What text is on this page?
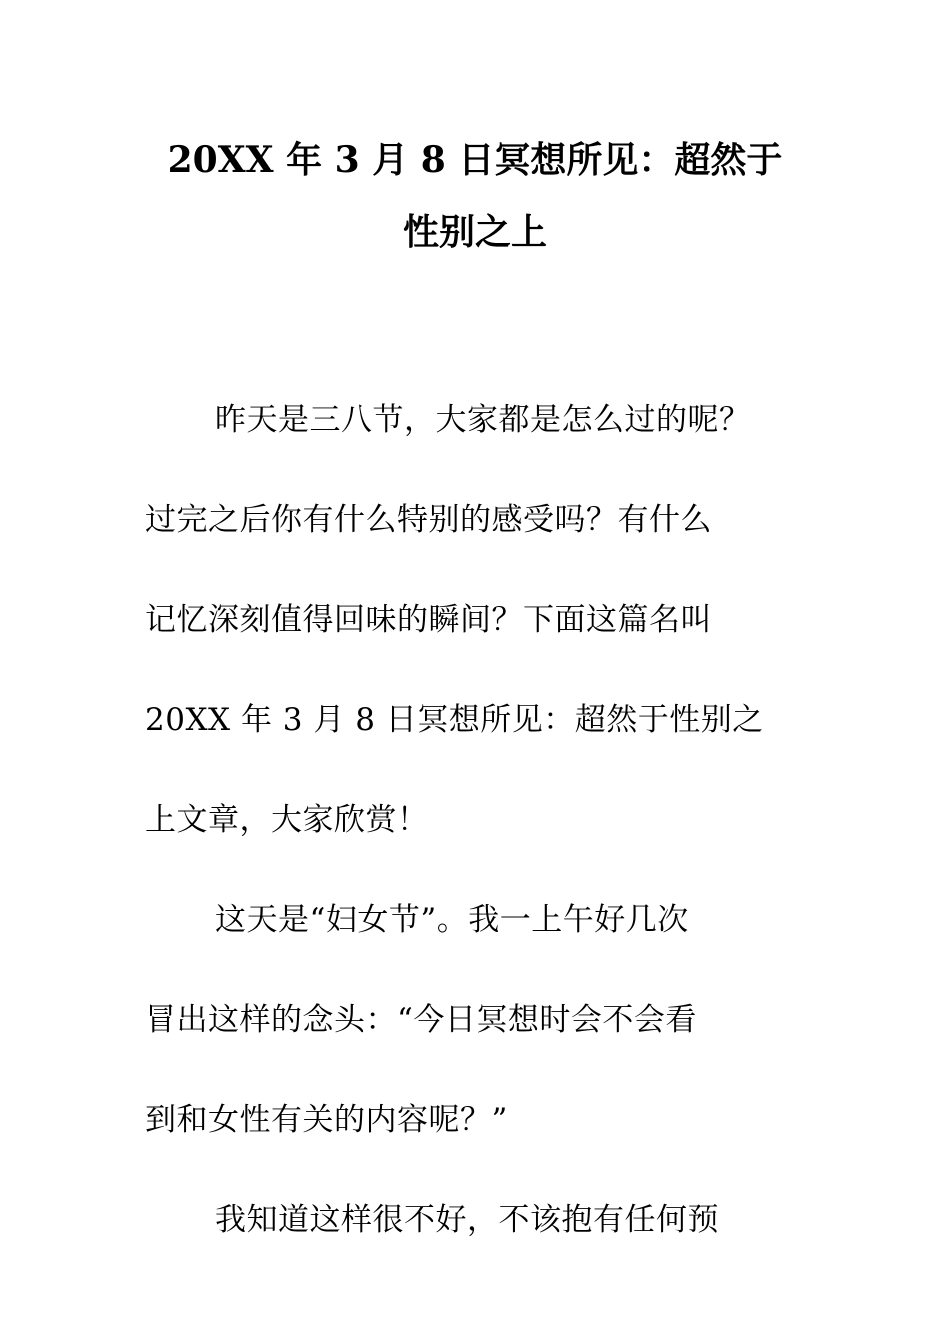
20XX 年 3 月 8 日冥想所见：超然于
性别之上

昨天是三八节，大家都是怎么过的呢？
过完之后你有什么特别的感受吗？有什么
记忆深刻值得回味的瞬间？下面这篇名叫
20XX 年 3 月 8 日冥想所见：超然于性别之
上文章，大家欣赏！

这天是“妇女节”。我一上午好几次
冒出这样的念头：“今日冥想时会不会看
到和女性有关的内容呢？”

我知道这样很不好，不该抱有任何预
